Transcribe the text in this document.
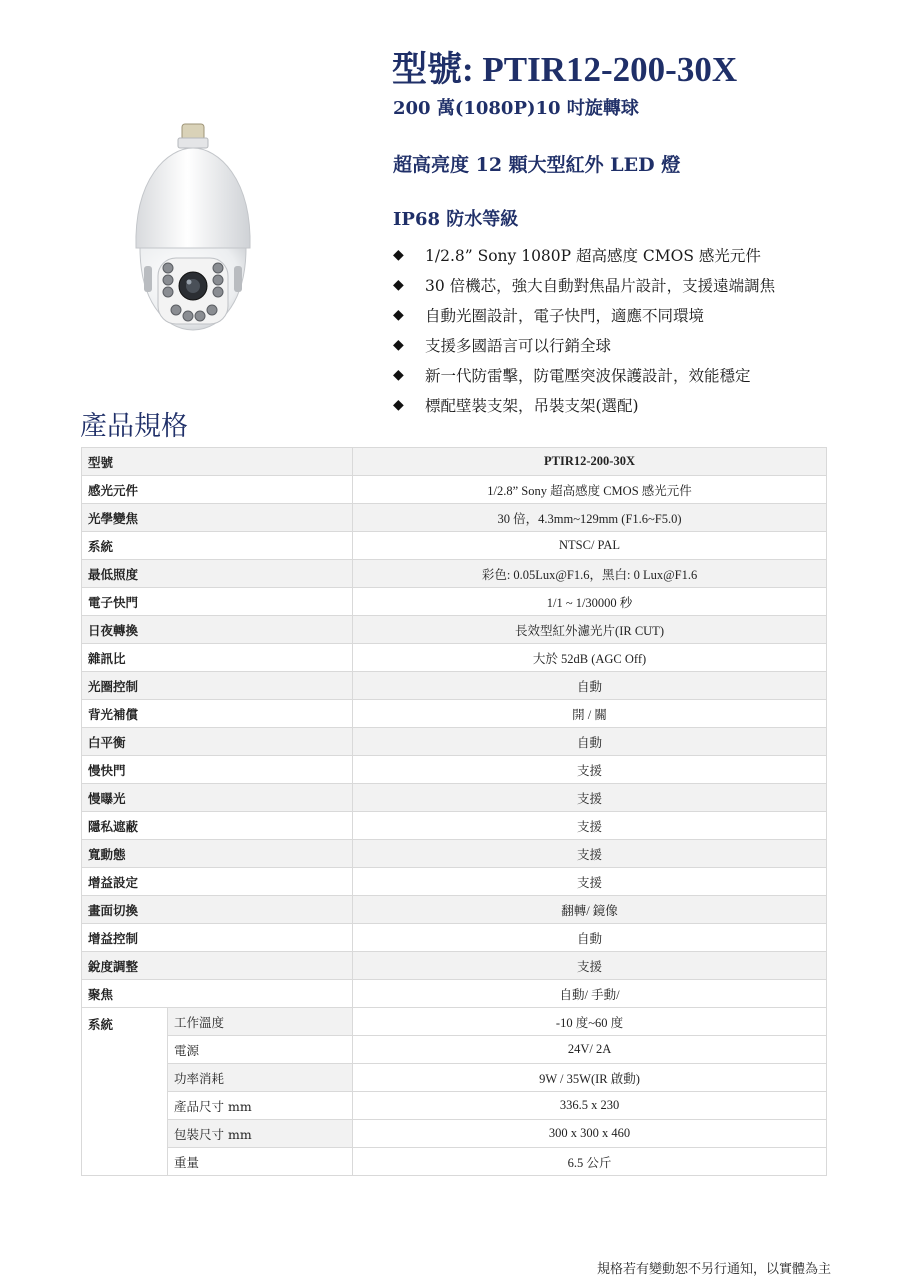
型號: PTIR12-200-30X
200 萬(1080P)10 吋旋轉球
超高亮度 12 顆大型紅外 LED 燈
IP68 防水等級
◆	1/2.8” Sony 1080P 超高感度 CMOS 感光元件
◆	30 倍機芯，強大自動對焦晶片設計，支援遠端調焦
◆	自動光圈設計，電子快門，適應不同環境
◆	支援多國語言可以行銷全球
◆	新一代防雷擊，防電壓突波保護設計，效能穩定
◆	標配壁裝支架，吊裝支架(選配)
產品規格
型號		PTIR12-200-30X
感光元件		1/2.8” Sony 超高感度 CMOS 感光元件
光學變焦		30 倍，4.3mm~129mm (F1.6~F5.0)
系統		NTSC/ PAL
最低照度		彩色: 0.05Lux@F1.6，黑白: 0 Lux@F1.6
電子快門		1/1 ~ 1/30000 秒
日夜轉換		長效型紅外濾光片(IR CUT)
雜訊比		大於 52dB (AGC Off)
光圈控制		自動
背光補償		開 / 關
白平衡		自動
慢快門		支援
慢曝光		支援
隱私遮蔽		支援
寬動態		支援
增益設定		支援
畫面切換		翻轉/ 鏡像
增益控制		自動
銳度調整		支援
聚焦		自動/ 手動/
系統	工作溫度	-10 度~60 度
	電源	24V/ 2A
	功率消耗	9W / 35W(IR 啟動)
	產品尺寸 mm	336.5 x 230
	包裝尺寸 mm	300 x 300 x 460
	重量	6.5 公斤
規格若有變動恕不另行通知，以實體為主
